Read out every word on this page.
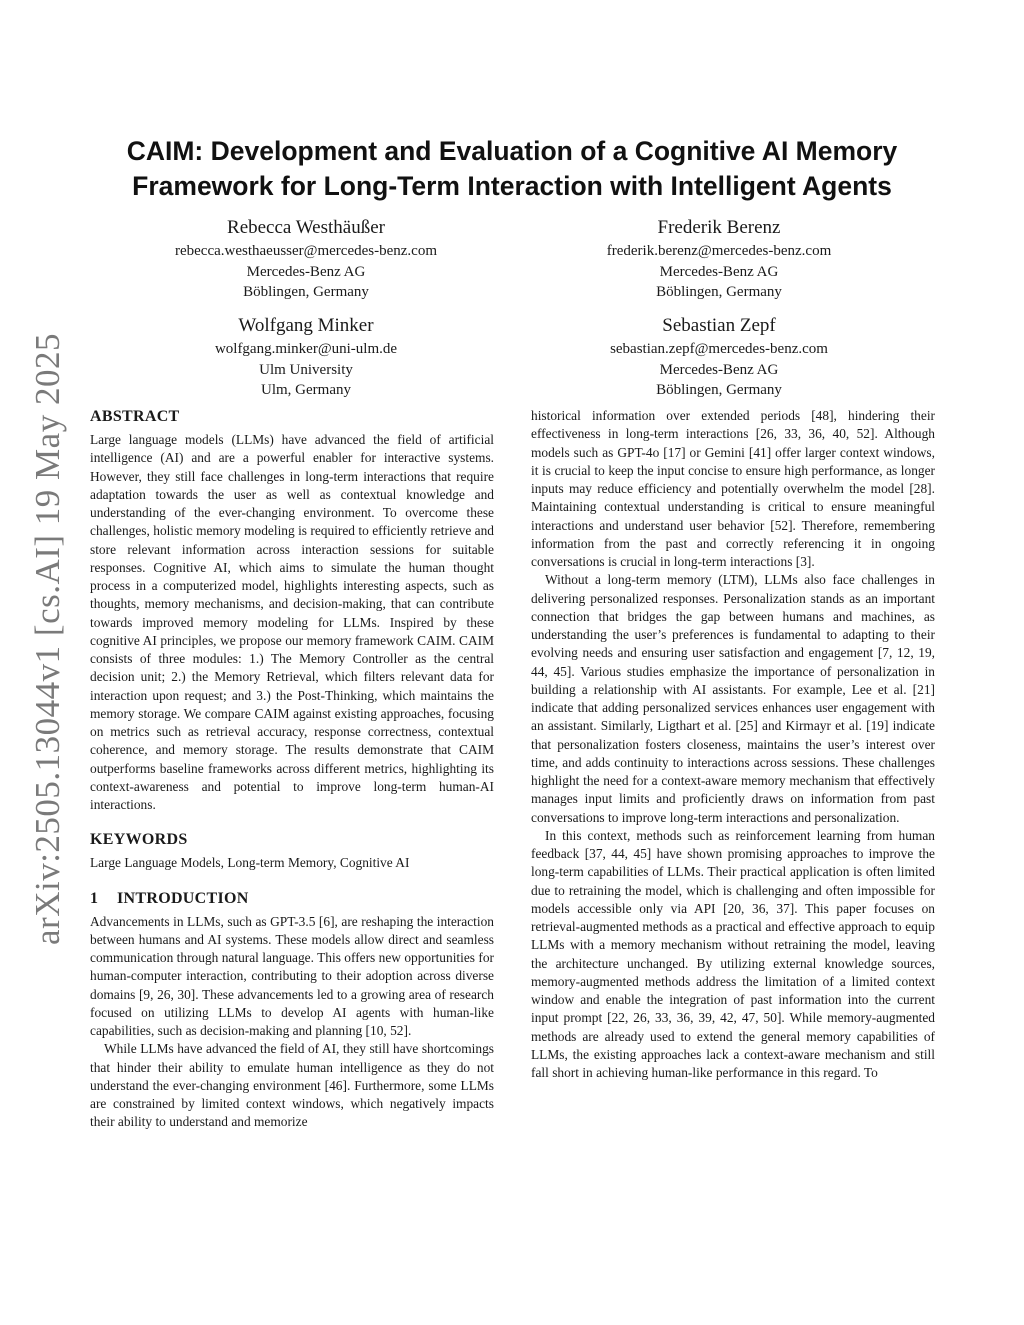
arXiv:2505.13044v1 [cs.AI] 19 May 2025
CAIM: Development and Evaluation of a Cognitive AI Memory
Framework for Long-Term Interaction with Intelligent Agents
Rebecca Westhäußer
rebecca.westhaeusser@mercedes-benz.com
Mercedes-Benz AG
Böblingen, Germany
Frederik Berenz
frederik.berenz@mercedes-benz.com
Mercedes-Benz AG
Böblingen, Germany
Wolfgang Minker
wolfgang.minker@uni-ulm.de
Ulm University
Ulm, Germany
Sebastian Zepf
sebastian.zepf@mercedes-benz.com
Mercedes-Benz AG
Böblingen, Germany
ABSTRACT

Large language models (LLMs) have advanced the field of artificial intelligence (AI) and are a powerful enabler for interactive systems. However, they still face challenges in long-term interactions that require adaptation towards the user as well as contextual knowledge and understanding of the ever-changing environment. To overcome these challenges, holistic memory modeling is required to efficiently retrieve and store relevant information across interaction sessions for suitable responses. Cognitive AI, which aims to simulate the human thought process in a computerized model, highlights interesting aspects, such as thoughts, memory mechanisms, and decision-making, that can contribute towards improved memory modeling for LLMs. Inspired by these cognitive AI principles, we propose our memory framework CAIM. CAIM consists of three modules: 1.) The Memory Controller as the central decision unit; 2.) the Memory Retrieval, which filters relevant data for interaction upon request; and 3.) the Post-Thinking, which maintains the memory storage. We compare CAIM against existing approaches, focusing on metrics such as retrieval accuracy, response correctness, contextual coherence, and memory storage. The results demonstrate that CAIM outperforms baseline frameworks across different metrics, highlighting its context-awareness and potential to improve long-term human-AI interactions.

KEYWORDS

Large Language Models, Long-term Memory, Cognitive AI

1 INTRODUCTION

Advancements in LLMs, such as GPT-3.5 [6], are reshaping the interaction between humans and AI systems. These models allow direct and seamless communication through natural language. This offers new opportunities for human-computer interaction, contributing to their adoption across diverse domains [9, 26, 30]. These advancements led to a growing area of research focused on utilizing LLMs to develop AI agents with human-like capabilities, such as decision-making and planning [10, 52].

While LLMs have advanced the field of AI, they still have shortcomings that hinder their ability to emulate human intelligence as they do not understand the ever-changing environment [46]. Furthermore, some LLMs are constrained by limited context windows, which negatively impacts their ability to understand and memorize

historical information over extended periods [48], hindering their effectiveness in long-term interactions [26, 33, 36, 40, 52]. Although models such as GPT-4o [17] or Gemini [41] offer larger context windows, it is crucial to keep the input concise to ensure high performance, as longer inputs may reduce efficiency and potentially overwhelm the model [28]. Maintaining contextual understanding is critical to ensure meaningful interactions and understand user behavior [52]. Therefore, remembering information from the past and correctly referencing it in ongoing conversations is crucial in long-term interactions [3].

Without a long-term memory (LTM), LLMs also face challenges in delivering personalized responses. Personalization stands as an important connection that bridges the gap between humans and machines, as understanding the user’s preferences is fundamental to adapting to their evolving needs and ensuring user satisfaction and engagement [7, 12, 19, 44, 45]. Various studies emphasize the importance of personalization in building a relationship with AI assistants. For example, Lee et al. [21] indicate that adding personalized services enhances user engagement with an assistant. Similarly, Ligthart et al. [25] and Kirmayr et al. [19] indicate that personalization fosters closeness, maintains the user’s interest over time, and adds continuity to interactions across sessions. These challenges highlight the need for a context-aware memory mechanism that effectively manages input limits and proficiently draws on information from past conversations to improve long-term interactions and personalization.

In this context, methods such as reinforcement learning from human feedback [37, 44, 45] have shown promising approaches to improve the long-term capabilities of LLMs. Their practical application is often limited due to retraining the model, which is challenging and often impossible for models accessible only via API [20, 36, 37]. This paper focuses on retrieval-augmented methods as a practical and effective approach to equip LLMs with a memory mechanism without retraining the model, leaving the architecture unchanged. By utilizing external knowledge sources, memory-augmented methods address the limitation of a limited context window and enable the integration of past information into the current input prompt [22, 26, 33, 36, 39, 42, 47, 50]. While memory-augmented methods are already used to extend the general memory capabilities of LLMs, the existing approaches lack a context-aware mechanism and still fall short in achieving human-like performance in this regard. To
